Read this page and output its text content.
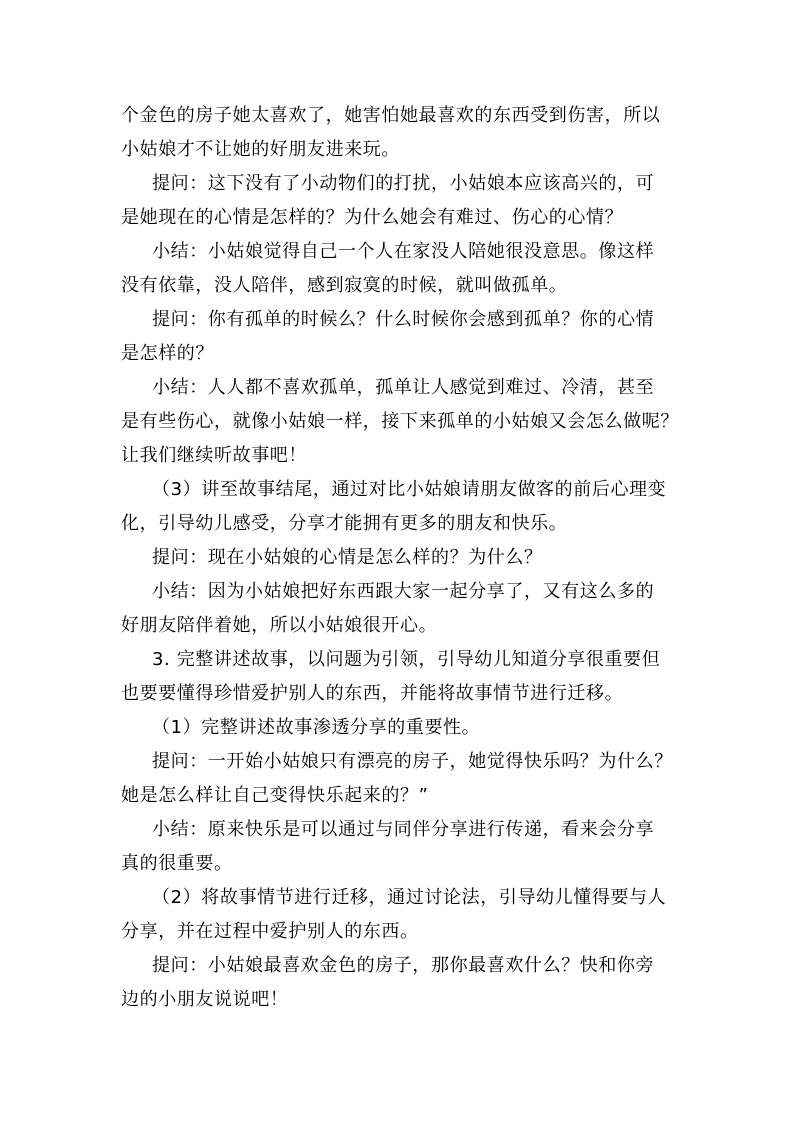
个金色的房子她太喜欢了，她害怕她最喜欢的东西受到伤害，所以
小姑娘才不让她的好朋友进来玩。
提问：这下没有了小动物们的打扰，小姑娘本应该高兴的，可
是她现在的心情是怎样的？为什么她会有难过、伤心的心情？
小结：小姑娘觉得自己一个人在家没人陪她很没意思。像这样
没有依靠，没人陪伴，感到寂寞的时候，就叫做孤单。
提问：你有孤单的时候么？什么时候你会感到孤单？你的心情
是怎样的？
小结：人人都不喜欢孤单，孤单让人感觉到难过、冷清，甚至
是有些伤心，就像小姑娘一样，接下来孤单的小姑娘又会怎么做呢？
让我们继续听故事吧！
（3）讲至故事结尾，通过对比小姑娘请朋友做客的前后心理变
化，引导幼儿感受，分享才能拥有更多的朋友和快乐。
提问：现在小姑娘的心情是怎么样的？为什么？
小结：因为小姑娘把好东西跟大家一起分享了，又有这么多的
好朋友陪伴着她，所以小姑娘很开心。
3. 完整讲述故事，以问题为引领，引导幼儿知道分享很重要但
也要要懂得珍惜爱护别人的东西，并能将故事情节进行迁移。
（1）完整讲述故事渗透分享的重要性。
提问：一开始小姑娘只有漂亮的房子，她觉得快乐吗？为什么？
她是怎么样让自己变得快乐起来的？”
小结：原来快乐是可以通过与同伴分享进行传递，看来会分享
真的很重要。
（2）将故事情节进行迁移，通过讨论法，引导幼儿懂得要与人
分享，并在过程中爱护别人的东西。
提问：小姑娘最喜欢金色的房子，那你最喜欢什么？快和你旁
边的小朋友说说吧！
